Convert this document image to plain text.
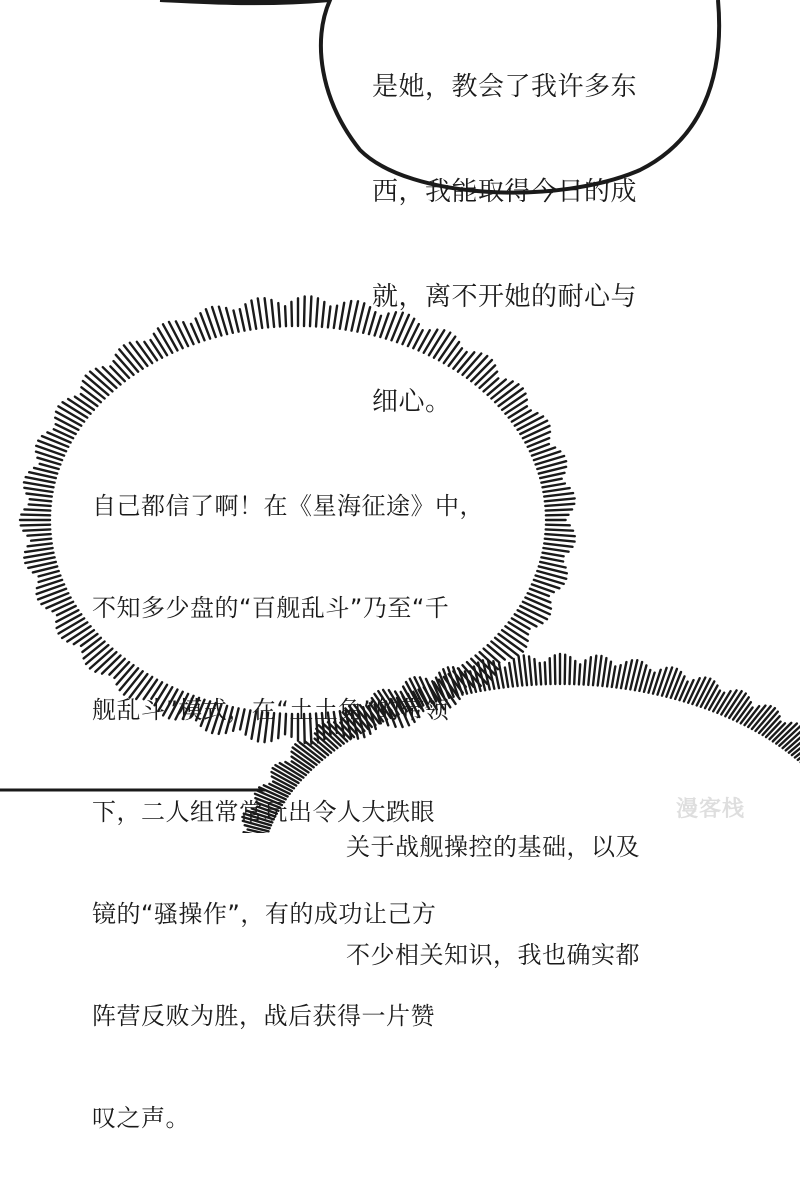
是她，教会了我许多东

西，我能取得今日的成

就，离不开她的耐心与

细心。

自己都信了啊！在《星海征途》中，

不知多少盘的“百舰乱斗”乃至“千

舰乱斗”模式，在“土土兔”的带领

下，二人组常常玩出令人大跌眼

镜的“骚操作”，有的成功让己方

阵营反败为胜，战后获得一片赞

叹之声。

关于战舰操控的基础，以及

不少相关知识，我也确实都

漫客栈
